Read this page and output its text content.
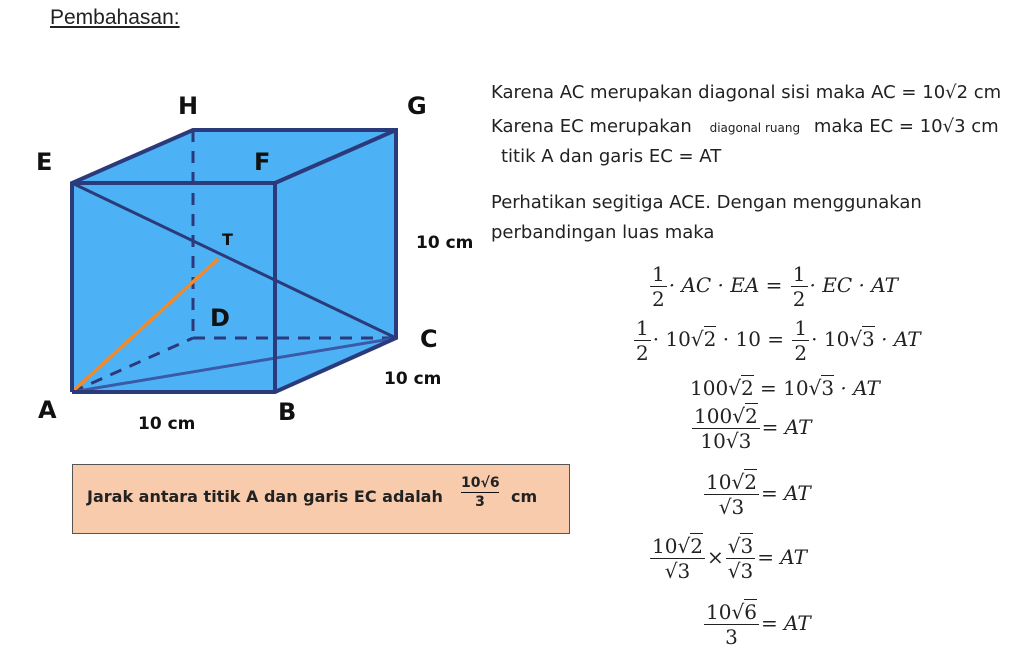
Pembahasan:
H	G
E	F
T
D
C
A	B
10 cm
10 cm
10 cm
Jarak antara titik A dan garis EC adalah $\frac{10√6}{3}$ cm
Karena AC merupakan diagonal sisi maka AC = 10√2 cm
Karena EC merupakan diagonal ruang maka EC = 10√3 cm
titik A dan garis EC = AT
Perhatikan segitiga ACE. Dengan menggunakan
perbandingan luas maka
$\frac{1}{2}$ · AC · EA = $\frac{1}{2}$ · EC · AT
$\frac{1}{2} \cdot 10√2 \cdot 10 = \frac{1}{2} \cdot 10√3$ · AT
100√2 = 10√3 · AT
$\frac{100√2}{10√3}$ = AT
$\frac{10√2}{√3}$ = AT
$\frac{10√2}{√3} \times \frac{√3}{√3}$ = AT
$\frac{10√6}{3}$ = AT
